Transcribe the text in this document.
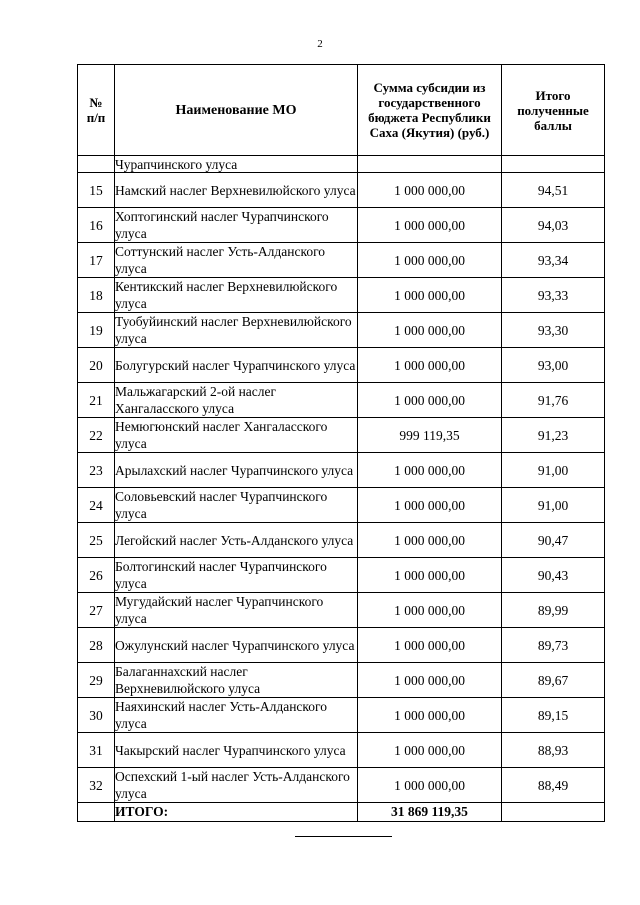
2
№
п/п	Наименование МО	Сумма субсидии из государственного бюджета Республики Саха (Якутия) (руб.)	Итого полученные баллы
	Чурапчинского улуса		
15	Намский наслег Верхневилюйского улуса	1 000 000,00	94,51
16	Хоптогинский наслег Чурапчинского улуса	1 000 000,00	94,03
17	Соттунский наслег Усть-Алданского улуса	1 000 000,00	93,34
18	Кентикский наслег Верхневилюйского улуса	1 000 000,00	93,33
19	Туобуйинский наслег Верхневилюйского улуса	1 000 000,00	93,30
20	Болугурский наслег Чурапчинского улуса	1 000 000,00	93,00
21	Мальжагарский 2-ой наслег Хангаласского улуса	1 000 000,00	91,76
22	Немюгюнский наслег Хангаласского улуса	999 119,35	91,23
23	Арылахский наслег Чурапчинского улуса	1 000 000,00	91,00
24	Соловьевский наслег Чурапчинского улуса	1 000 000,00	91,00
25	Легойский наслег Усть-Алданского улуса	1 000 000,00	90,47
26	Болтогинский наслег Чурапчинского улуса	1 000 000,00	90,43
27	Мугудайский наслег Чурапчинского улуса	1 000 000,00	89,99
28	Ожулунский наслег Чурапчинского улуса	1 000 000,00	89,73
29	Балаганнахский наслег Верхневилюйского улуса	1 000 000,00	89,67
30	Наяхинский наслег Усть-Алданского улуса	1 000 000,00	89,15
31	Чакырский наслег Чурапчинского улуса	1 000 000,00	88,93
32	Оспехский 1-ый наслег Усть-Алданского улуса	1 000 000,00	88,49
	ИТОГО:	31 869 119,35	
